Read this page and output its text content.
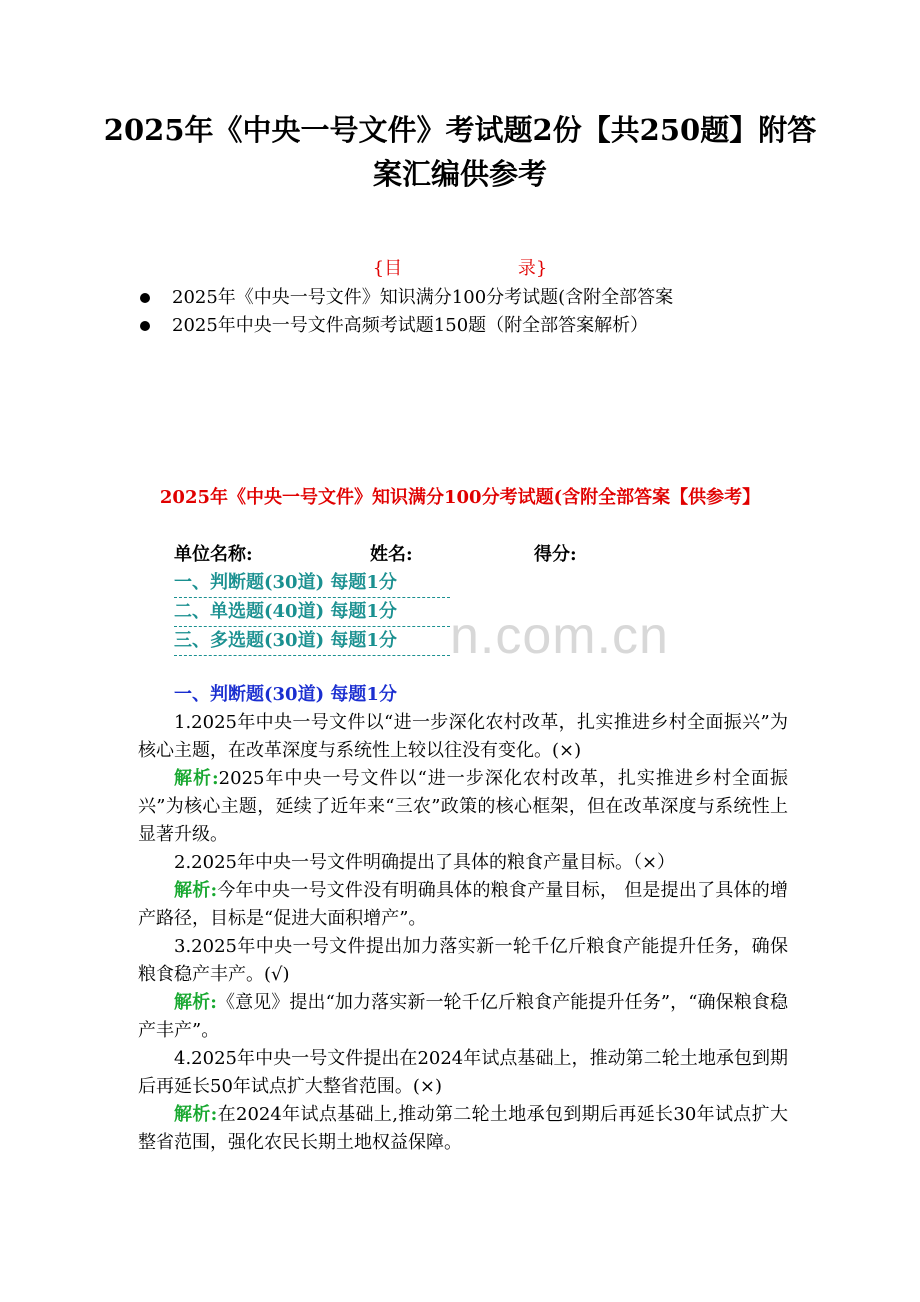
2025年《中央一号文件》考试题2份【共250题】附答案汇编供参考
{目	录}
2025年《中央一号文件》知识满分100分考试题(含附全部答案
2025年中央一号文件高频考试题150题（附全部答案解析）
2025年《中央一号文件》知识满分100分考试题(含附全部答案【供参考】
单位名称:	姓名:	得分:
一、判断题(30道) 每题1分
二、单选题(40道) 每题1分
三、多选题(30道) 每题1分	n.com.cn
一、判断题(30道) 每题1分

1.2025年中央一号文件以“进一步深化农村改革，扎实推进乡村全面振兴”为核心主题，在改革深度与系统性上较以往没有变化。(×)

解析:2025年中央一号文件以“进一步深化农村改革，扎实推进乡村全面振兴”为核心主题，延续了近年来“三农”政策的核心框架，但在改革深度与系统性上显著升级。

2.2025年中央一号文件明确提出了具体的粮食产量目标。（×）

解析:今年中央一号文件没有明确具体的粮食产量目标， 但是提出了具体的增产路径，目标是“促进大面积增产”。

3.2025年中央一号文件提出加力落实新一轮千亿斤粮食产能提升任务，确保粮食稳产丰产。(√)

解析:《意见》提出“加力落实新一轮千亿斤粮食产能提升任务”，“确保粮食稳产丰产”。

4.2025年中央一号文件提出在2024年试点基础上，推动第二轮土地承包到期后再延长50年试点扩大整省范围。(×)

解析:在2024年试点基础上,推动第二轮土地承包到期后再延长30年试点扩大整省范围，强化农民长期土地权益保障。
